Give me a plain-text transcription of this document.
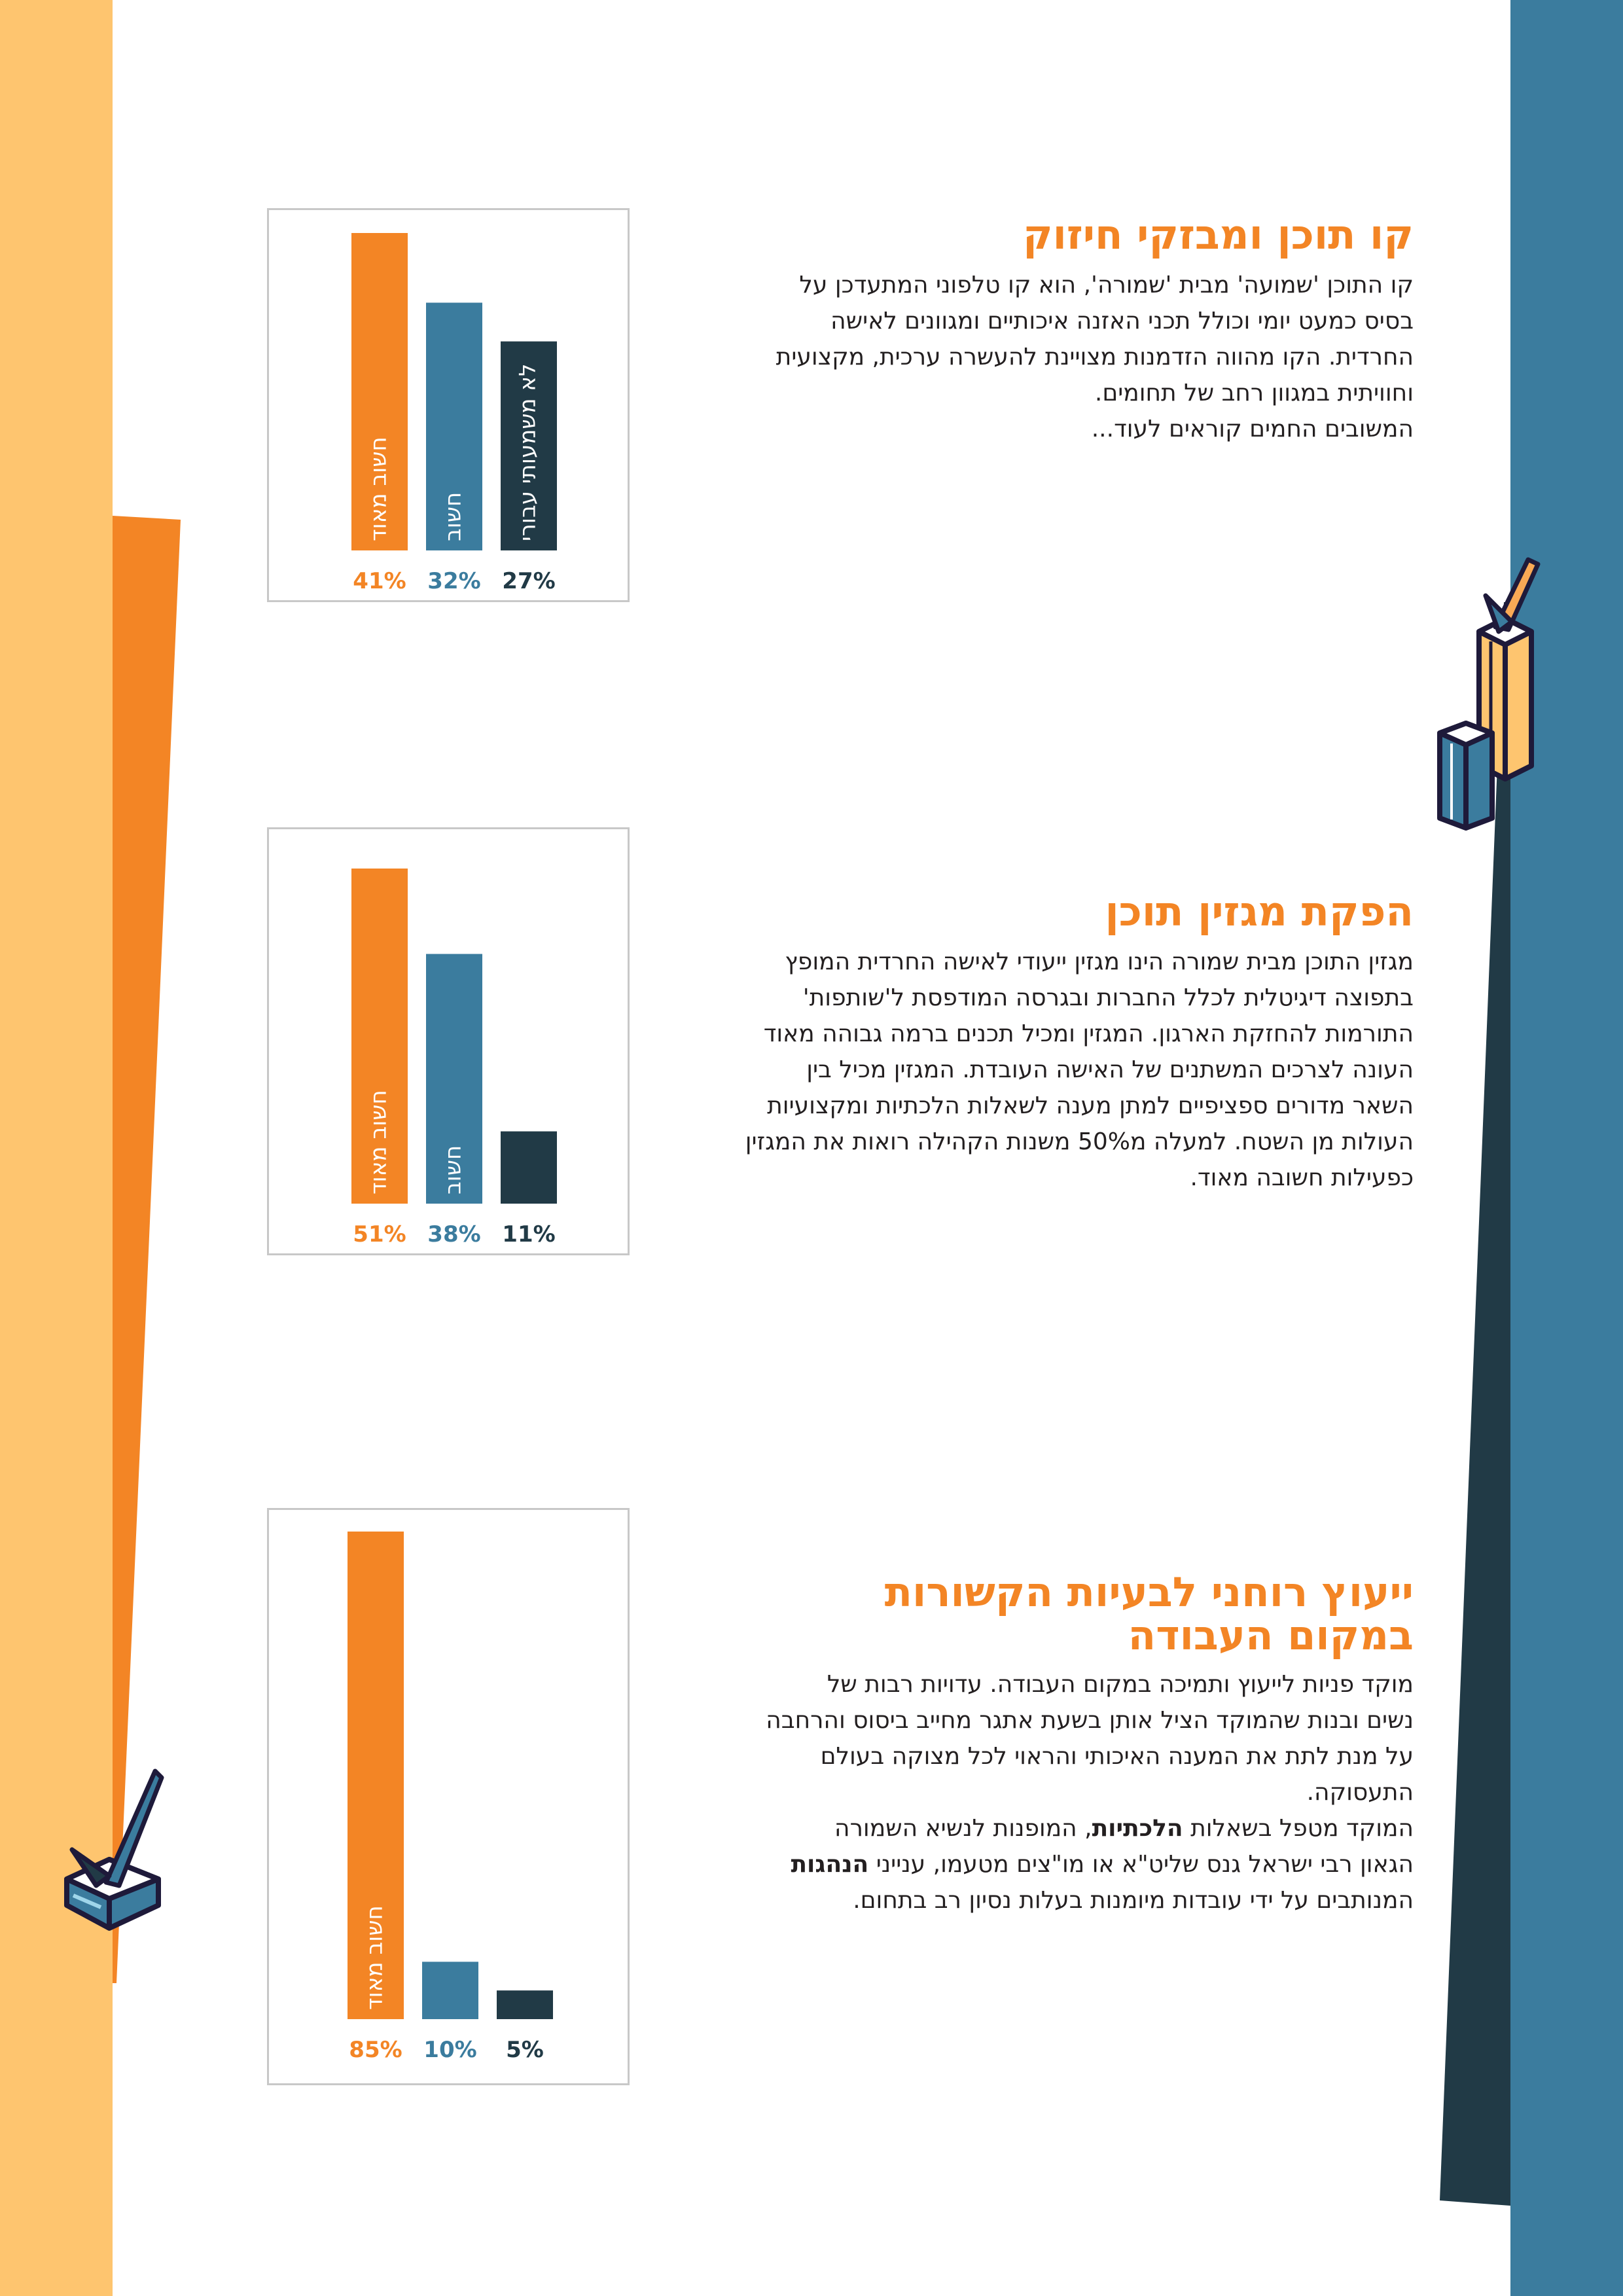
חשוב מאוד
41%
חשוב
32%
לא משמעותי עבורי
27%
חשוב מאוד
51%
חשוב
38% 11%
חשוב מאוד
85% 10% 5%
קו תוכן ומבזקי חיזוק

קו התוכן 'שמועה' מבית 'שמורה', הוא קו טלפוני המתעדכן על

בסיס כמעט יומי וכולל תכני האזנה איכותיים ומגוונים לאישה

החרדית. הקו מהווה הזדמנות מצויינת להעשרה ערכית, מקצועית

וחוויתית במגוון רחב של תחומים.

המשובים החמים קוראים לעוד...

הפקת מגזין תוכן

מגזין התוכן מבית שמורה הינו מגזין ייעודי לאישה החרדית המופץ

בתפוצה דיגיטלית לכלל החברות ובגרסה המודפסת ל'שותפות'

התורמות להחזקת הארגון. המגזין ומכיל תכנים ברמה גבוהה מאוד

העונה לצרכים המשתנים של האישה העובדת. המגזין מכיל בין

השאר מדורים ספציפיים למתן מענה לשאלות הלכתיות ומקצועיות

העולות מן השטח. למעלה מ50% משנות הקהילה רואות את המגזין

כפעילות חשובה מאוד.

ייעוץ רוחני לבעיות הקשורות
במקום העבודה

מוקד פניות לייעוץ ותמיכה במקום העבודה. עדויות רבות של

נשים ובנות שהמוקד הציל אותן בשעת אתגר מחייב ביסוס והרחבה

על מנת לתת את המענה האיכותי והראוי לכל מצוקה בעולם

התעסוקה.

המוקד מטפל בשאלות הלכתיות, המופנות לנשיא השמורה

הגאון רבי ישראל גנס שליט"א או מו"צים מטעמו, ענייני הנהגות

המנותבים על ידי עובדות מיומנות בעלות נסיון רב בתחום.
